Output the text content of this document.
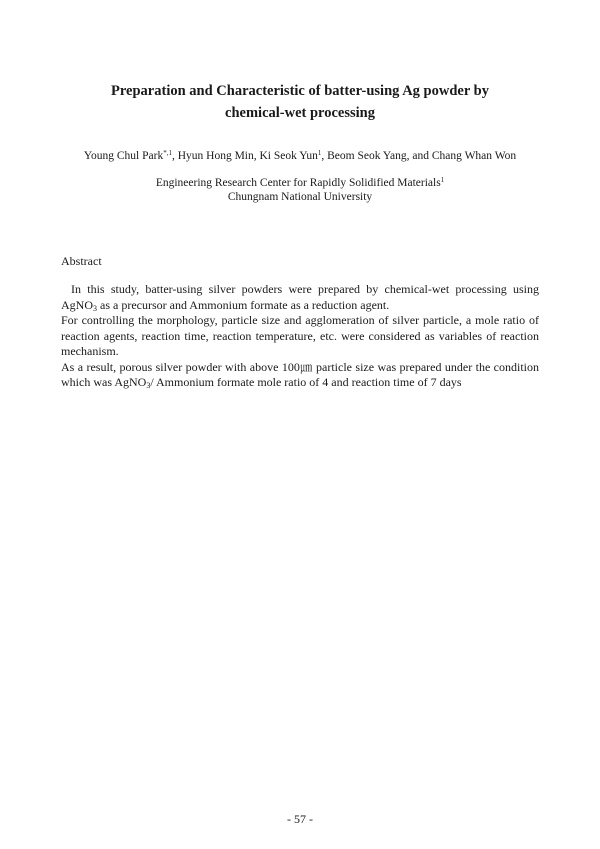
Preparation and Characteristic of batter-using Ag powder by
chemical-wet processing
Young Chul Park$^{*,1}$, Hyun Hong Min, Ki Seok Yun$^1$, Beom Seok Yang, and Chang Whan Won
Engineering Research Center for Rapidly Solidified Materials$^1$
Chungnam National University
Abstract

In this study, batter-using silver powders were prepared by chemical-wet processing using AgNO$_3$ as a precursor and Ammonium formate as a reduction agent.

For controlling the morphology, particle size and agglomeration of silver particle, a mole ratio of reaction agents, reaction time, reaction temperature, etc. were considered as variables of reaction mechanism.

As a result, porous silver powder with above 100㎛ particle size was prepared under the condition which was AgNO$_3$/ Ammonium formate mole ratio of 4 and reaction time of 7 days

- 57 -
